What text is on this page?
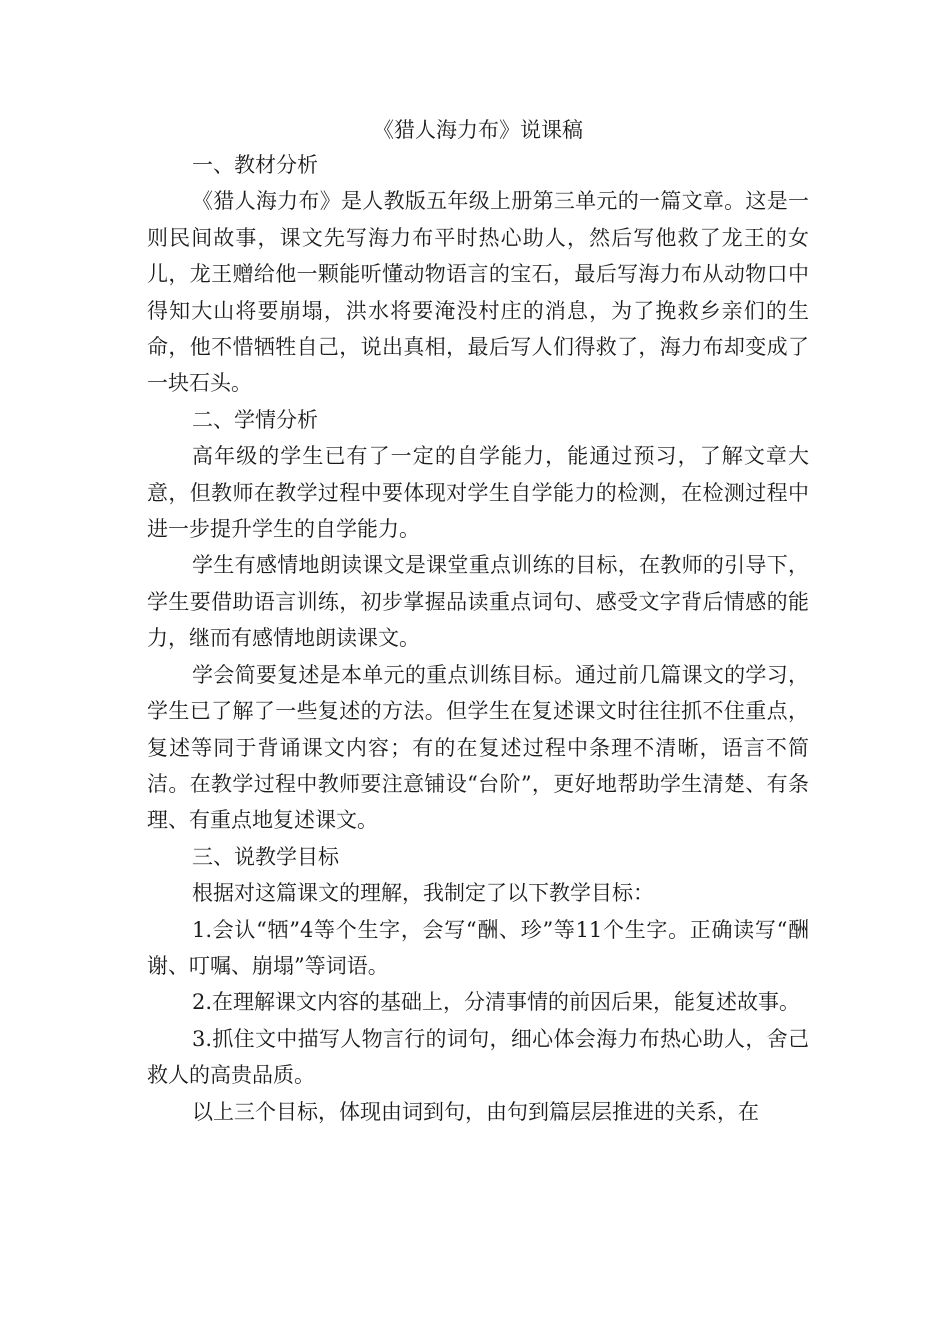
《猎人海力布》说课稿

一、教材分析

《猎人海力布》是人教版五年级上册第三单元的一篇文章。这是一则民间故事，课文先写海力布平时热心助人，然后写他救了龙王的女儿，龙王赠给他一颗能听懂动物语言的宝石，最后写海力布从动物口中得知大山将要崩塌，洪水将要淹没村庄的消息，为了挽救乡亲们的生命，他不惜牺牲自己，说出真相，最后写人们得救了，海力布却变成了一块石头。

二、学情分析

高年级的学生已有了一定的自学能力，能通过预习，了解文章大意，但教师在教学过程中要体现对学生自学能力的检测，在检测过程中进一步提升学生的自学能力。

学生有感情地朗读课文是课堂重点训练的目标，在教师的引导下，学生要借助语言训练，初步掌握品读重点词句、感受文字背后情感的能力，继而有感情地朗读课文。

学会简要复述是本单元的重点训练目标。通过前几篇课文的学习，学生已了解了一些复述的方法。但学生在复述课文时往往抓不住重点，复述等同于背诵课文内容；有的在复述过程中条理不清晰，语言不简洁。在教学过程中教师要注意铺设“台阶”，更好地帮助学生清楚、有条理、有重点地复述课文。

三、说教学目标

根据对这篇课文的理解，我制定了以下教学目标：

1.会认“牺”4等个生字，会写“酬、珍”等11个生字。正确读写“酬谢、叮嘱、崩塌”等词语。

2.在理解课文内容的基础上，分清事情的前因后果，能复述故事。

3.抓住文中描写人物言行的词句，细心体会海力布热心助人，舍己救人的高贵品质。

以上三个目标，体现由词到句，由句到篇层层推进的关系，在
